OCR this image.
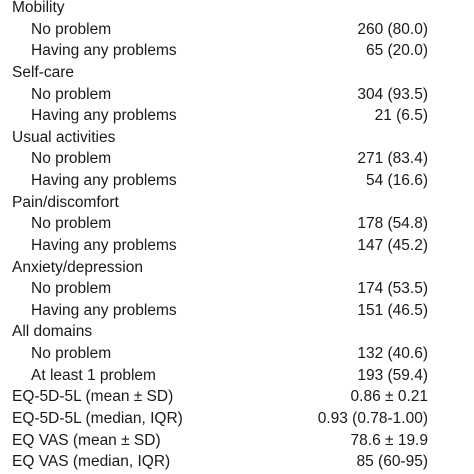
Mobility
No problem	260 (80.0)
Having any problems	65 (20.0)
Self-care
No problem	304 (93.5)
Having any problems	21 (6.5)
Usual activities
No problem	271 (83.4)
Having any problems	54 (16.6)
Pain/discomfort
No problem	178 (54.8)
Having any problems	147 (45.2)
Anxiety/depression
No problem	174 (53.5)
Having any problems	151 (46.5)
All domains
No problem	132 (40.6)
At least 1 problem	193 (59.4)
EQ-5D-5L (mean ± SD)	0.86 ± 0.21
EQ-5D-5L (median, IQR)	0.93 (0.78-1.00)
EQ VAS (mean ± SD)	78.6 ± 19.9
EQ VAS (median, IQR)	85 (60-95)
